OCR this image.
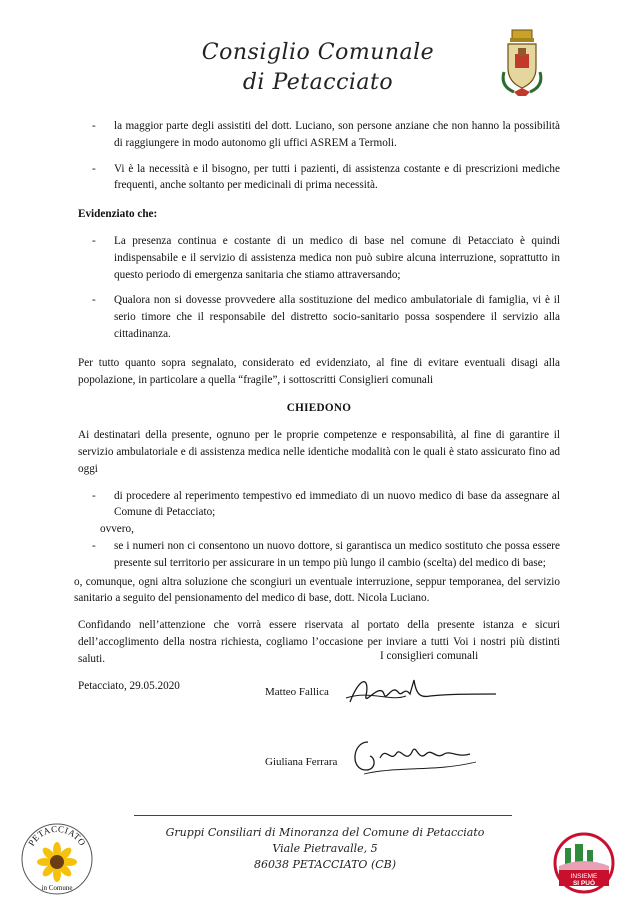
Consiglio Comunale
di Petacciato
-	la maggior parte degli assistiti del dott. Luciano, son persone anziane che non hanno la possibilità di raggiungere in modo autonomo gli uffici ASREM a Termoli.
-	Vi è la necessità e il bisogno, per tutti i pazienti, di assistenza costante e di prescrizioni mediche frequenti, anche soltanto per medicinali di prima necessità.
Evidenziato che:
-	La presenza continua e costante di un medico di base nel comune di Petacciato è quindi indispensabile e il servizio di assistenza medica non può subire alcuna interruzione, soprattutto in questo periodo di emergenza sanitaria che stiamo attraversando;
-	Qualora non si dovesse provvedere alla sostituzione del medico ambulatoriale di famiglia, vi è il serio timore che il responsabile del distretto socio-sanitario possa sospendere il servizio alla cittadinanza.
Per tutto quanto sopra segnalato, considerato ed evidenziato, al fine di evitare eventuali disagi alla popolazione, in particolare a quella “fragile”, i sottoscritti Consiglieri comunali
CHIEDONO
Ai destinatari della presente, ognuno per le proprie competenze e responsabilità, al fine di garantire il servizio ambulatoriale e di assistenza medica nelle identiche modalità con le quali è stato assicurato fino ad oggi
-	di procedere al reperimento tempestivo ed immediato di un nuovo medico di base da assegnare al Comune di Petacciato;
ovvero,
-	se i numeri non ci consentono un nuovo dottore, si garantisca un medico sostituto che possa essere presente sul territorio per assicurare in un tempo più lungo il cambio (scelta) del medico di base;
o, comunque, ogni altra soluzione che scongiuri un eventuale interruzione, seppur temporanea, del servizio sanitario a seguito del pensionamento del medico di base, dott. Nicola Luciano.
Confidando nell’attenzione che vorrà essere riservata al portato della presente istanza e sicuri dell’accoglimento della nostra richiesta, cogliamo l’occasione per inviare a tutti Voi i nostri più distinti saluti.
Petacciato, 29.05.2020
I consiglieri comunali
Matteo Fallica
Giuliana Ferrara
Gruppi Consiliari di Minoranza del Comune di Petacciato
Viale Pietravalle, 5
86038 PETACCIATO (CB)
PETACCIATO
in Comune
INSIEME
SI PUÒ
